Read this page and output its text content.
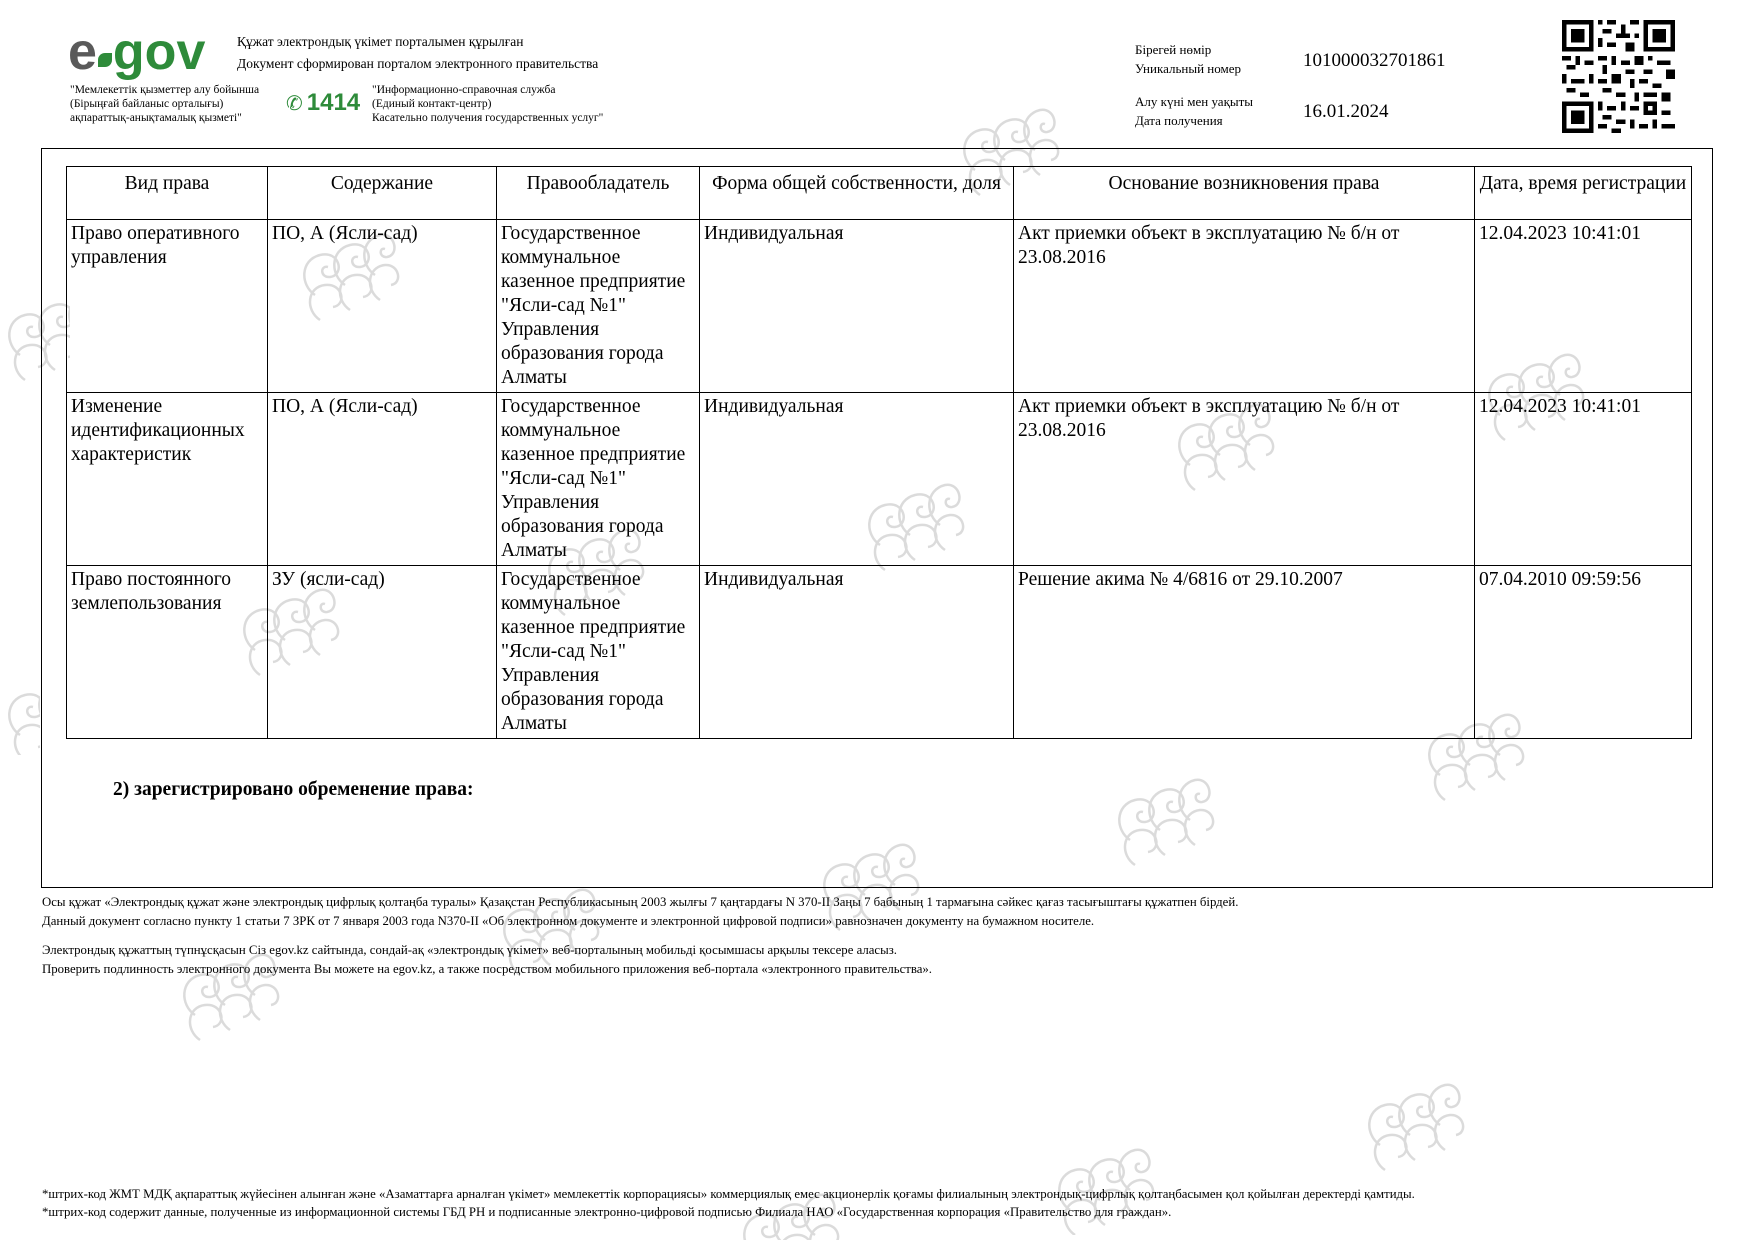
e gov Құжат электрондық үкімет порталымен құрылған
Документ сформирован порталом электронного правительства
"Мемлекеттік қызметтер алу бойынша
(Бірыңғай байланыс орталығы)
ақпараттық-анықтамалық қызметі"
✆ 1414 "Информационно-справочная служба
(Единый контакт-центр)
Касательно получения государственных услуг"
Бірегей нөмір
Уникальный номер	101000032701861
Алу күні мен уақыты
Дата получения	16.01.2024
Вид права	Содержание	Правообладатель	Форма общей собственности, доля	Основание возникновения права	Дата, время регистрации
Право оперативного управления	ПО, А (Ясли-сад)	Государственное коммунальное казенное предприятие "Ясли-сад №1" Управления образования города Алматы	Индивидуальная	Акт приемки объект в эксплуатацию № б/н от 23.08.2016	12.04.2023 10:41:01
Изменение идентификационных характеристик	ПО, А (Ясли-сад)	Государственное коммунальное казенное предприятие "Ясли-сад №1" Управления образования города Алматы	Индивидуальная	Акт приемки объект в эксплуатацию № б/н от 23.08.2016	12.04.2023 10:41:01
Право постоянного землепользования	ЗУ (ясли-сад)	Государственное коммунальное казенное предприятие "Ясли-сад №1" Управления образования города Алматы	Индивидуальная	Решение акима № 4/6816 от 29.10.2007	07.04.2010 09:59:56
2) зарегистрировано обременение права:
Осы құжат «Электрондық құжат және электрондық цифрлық қолтаңба туралы» Қазақстан Республикасының 2003 жылғы 7 қаңтардағы N 370-II Заңы 7 бабының 1 тармағына сәйкес қағаз тасығыштағы құжатпен бірдей.
Данный документ согласно пункту 1 статьи 7 ЗРК от 7 января 2003 года N370-II «Об электронном документе и электронной цифровой подписи» равнозначен документу на бумажном носителе.
Электрондық құжаттың түпнұсқасын Сіз egov.kz сайтында, сондай-ақ «электрондық үкімет» веб-порталының мобильді қосымшасы арқылы тексере аласыз.
Проверить подлинность электронного документа Вы можете на egov.kz, а также посредством мобильного приложения веб-портала «электронного правительства».
*штрих-код ЖМТ МДҚ ақпараттық жүйесінен алынған және «Азаматтарға арналған үкімет» мемлекеттік корпорациясы» коммерциялық емес акционерлік қоғамы филиалының электрондық-цифрлық қолтаңбасымен қол қойылған деректерді қамтиды.
*штрих-код содержит данные, полученные из информационной системы ГБД РН и подписанные электронно-цифровой подписью Филиала НАО «Государственная корпорация «Правительство для граждан».
